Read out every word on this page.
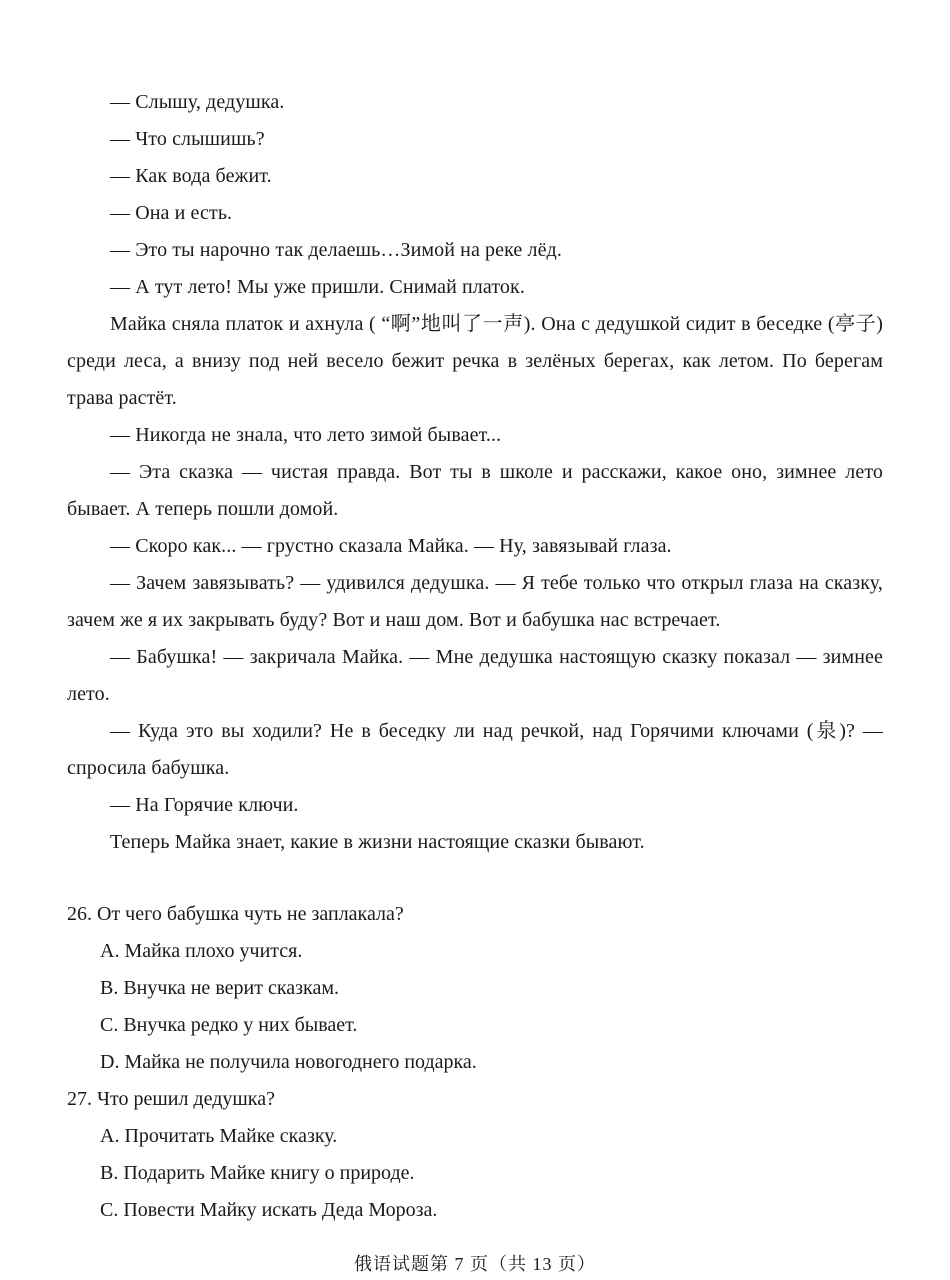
— Слышу, дедушка.

— Что слышишь?

— Как вода бежит.

— Она и есть.

— Это ты нарочно так делаешь…Зимой на реке лёд.

— А тут лето! Мы уже пришли. Снимай платок.

Майка сняла платок и ахнула ( “啊”地叫了一声). Она с дедушкой сидит в беседке (亭子) среди леса, а внизу под ней весело бежит речка в зелёных берегах, как летом. По берегам трава растёт.

— Никогда не знала, что лето зимой бывает...

— Эта сказка — чистая правда. Вот ты в школе и расскажи, какое оно, зимнее лето бывает. А теперь пошли домой.

— Скоро как... — грустно сказала Майка. — Ну, завязывай глаза.

— Зачем завязывать? — удивился дедушка. — Я тебе только что открыл глаза на сказку, зачем же я их закрывать буду? Вот и наш дом. Вот и бабушка нас встречает.

— Бабушка! — закричала Майка. — Мне дедушка настоящую сказку показал — зимнее лето.

— Куда это вы ходили? Не в беседку ли над речкой, над Горячими ключами (泉)? — спросила бабушка.

— На Горячие ключи.

Теперь Майка знает, какие в жизни настоящие сказки бывают.

26. От чего бабушка чуть не заплакала?

A. Майка плохо учится.

B. Внучка не верит сказкам.

C. Внучка редко у них бывает.

D. Майка не получила новогоднего подарка.

27. Что решил дедушка?

A. Прочитать Майке сказку.

B. Подарить Майке книгу о природе.

C. Повести Майку искать Деда Мороза.

俄语试题第 7 页（共 13 页）
